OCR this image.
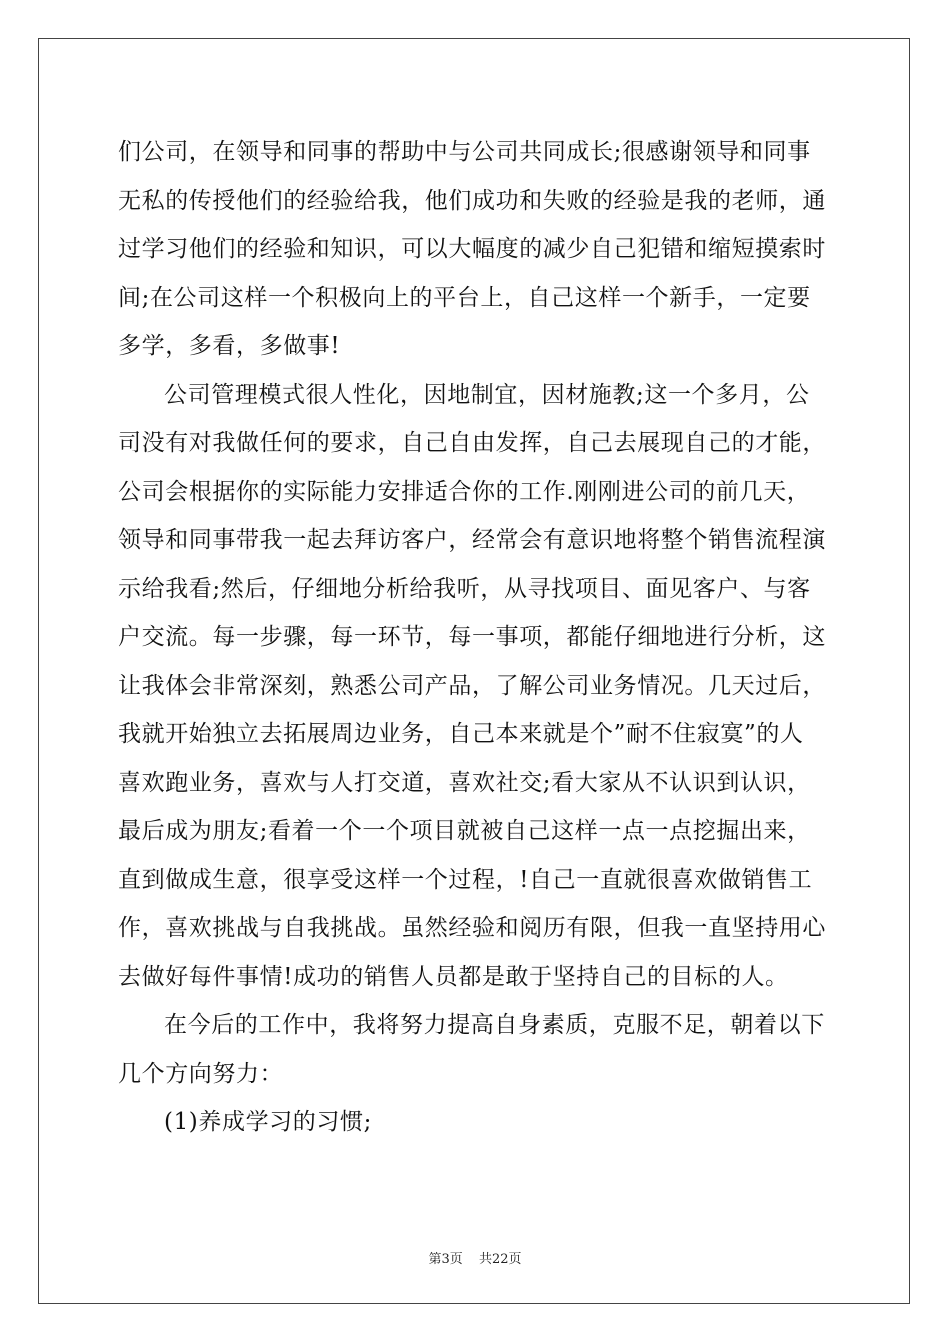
们公司，在领导和同事的帮助中与公司共同成长;很感谢领导和同事
无私的传授他们的经验给我，他们成功和失败的经验是我的老师，通
过学习他们的经验和知识，可以大幅度的减少自己犯错和缩短摸索时
间;在公司这样一个积极向上的平台上，自己这样一个新手，一定要
多学，多看，多做事!
公司管理模式很人性化，因地制宜，因材施教;这一个多月，公
司没有对我做任何的要求，自己自由发挥，自己去展现自己的才能，
公司会根据你的实际能力安排适合你的工作.刚刚进公司的前几天，
领导和同事带我一起去拜访客户，经常会有意识地将整个销售流程演
示给我看;然后，仔细地分析给我听，从寻找项目、面见客户、与客
户交流。每一步骤，每一环节，每一事项，都能仔细地进行分析，这
让我体会非常深刻，熟悉公司产品，了解公司业务情况。几天过后，
我就开始独立去拓展周边业务，自己本来就是个”耐不住寂寞”的人
喜欢跑业务，喜欢与人打交道，喜欢社交;看大家从不认识到认识，
最后成为朋友;看着一个一个项目就被自己这样一点一点挖掘出来，
直到做成生意，很享受这样一个过程，!自己一直就很喜欢做销售工
作，喜欢挑战与自我挑战。虽然经验和阅历有限，但我一直坚持用心
去做好每件事情!成功的销售人员都是敢于坚持自己的目标的人。
在今后的工作中，我将努力提高自身素质，克服不足，朝着以下
几个方向努力：
(1)养成学习的习惯;
第3页 共22页
